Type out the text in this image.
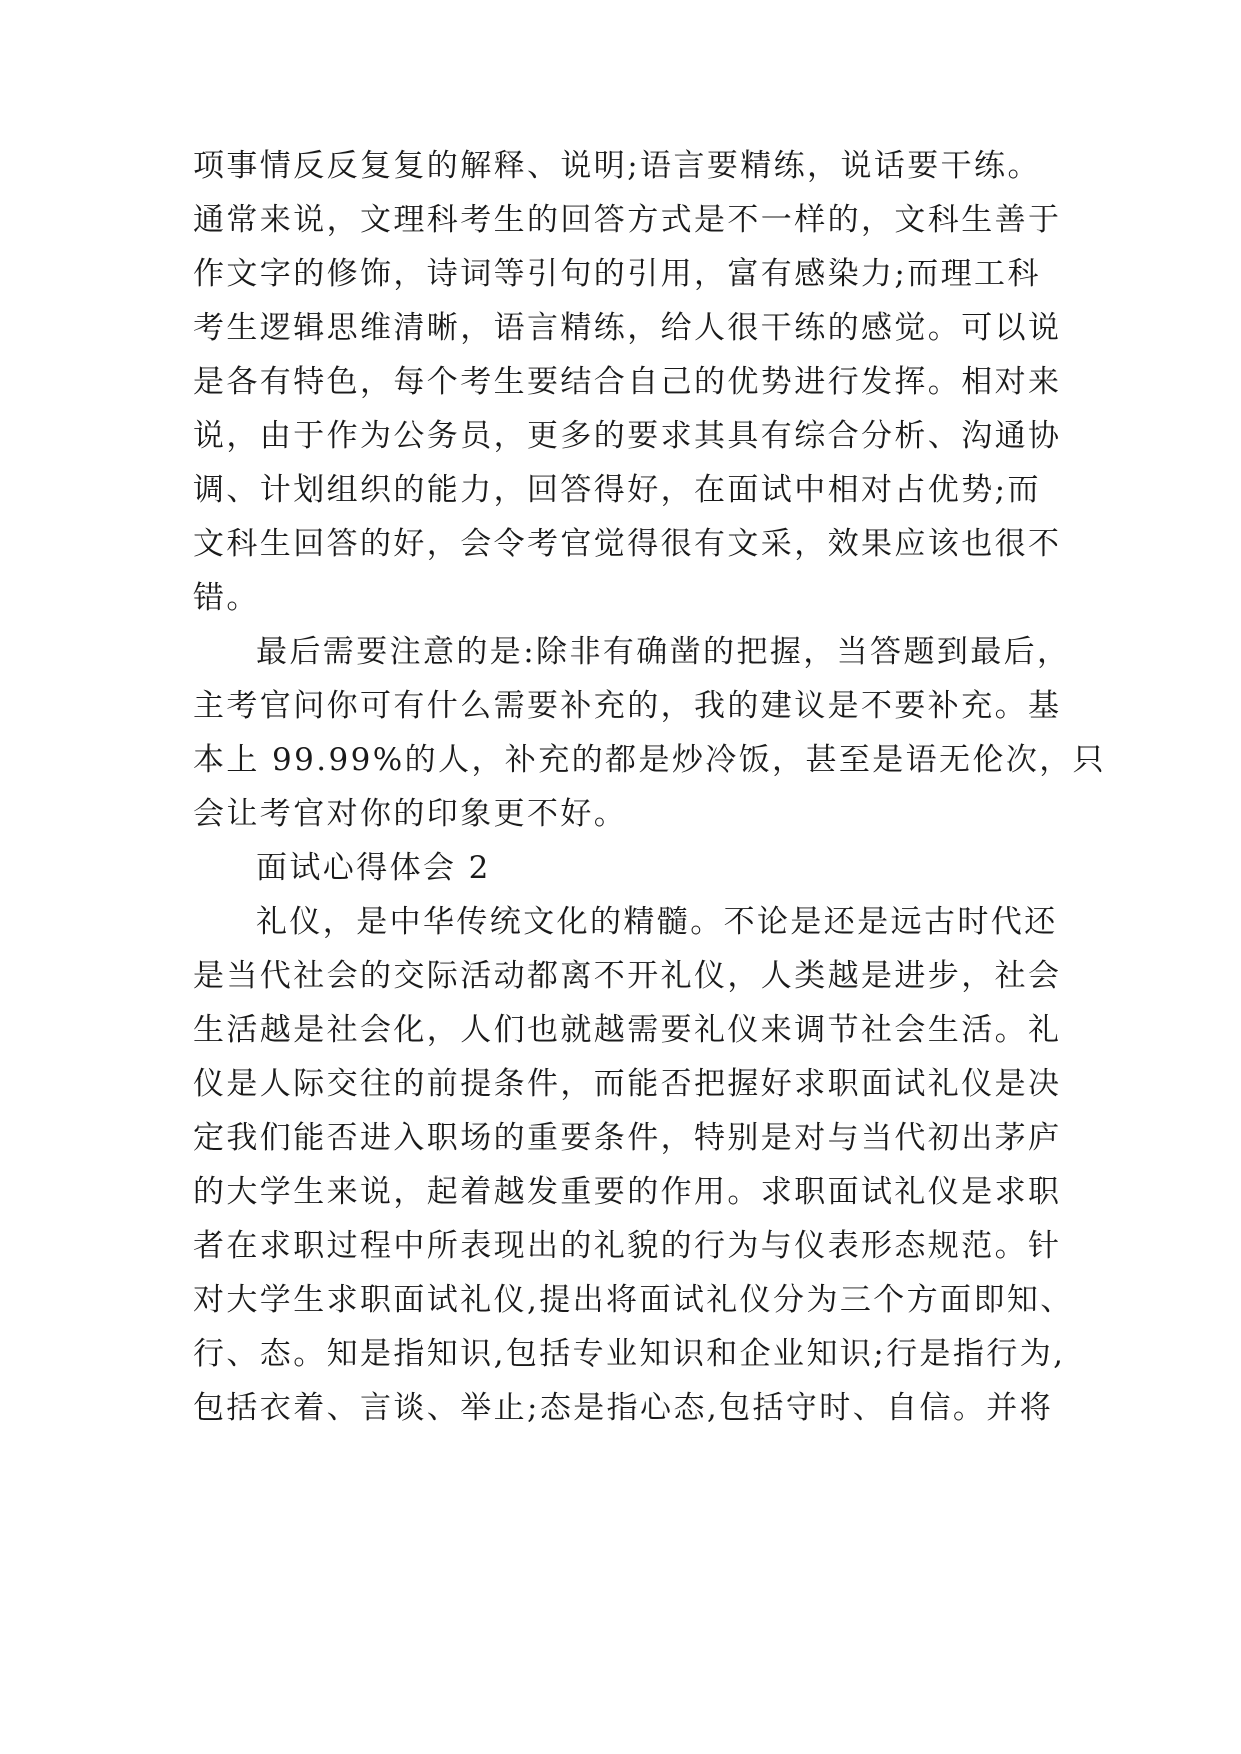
项事情反反复复的解释、说明;语言要精练，说话要干练。
通常来说，文理科考生的回答方式是不一样的，文科生善于
作文字的修饰，诗词等引句的引用，富有感染力;而理工科
考生逻辑思维清晰，语言精练，给人很干练的感觉。可以说
是各有特色，每个考生要结合自己的优势进行发挥。相对来
说，由于作为公务员，更多的要求其具有综合分析、沟通协
调、计划组织的能力，回答得好，在面试中相对占优势;而
文科生回答的好，会令考官觉得很有文采，效果应该也很不
错。
最后需要注意的是:除非有确凿的把握，当答题到最后，
主考官问你可有什么需要补充的，我的建议是不要补充。基
本上 99.99%的人，补充的都是炒冷饭，甚至是语无伦次，只
会让考官对你的印象更不好。
面试心得体会 2
礼仪，是中华传统文化的精髓。不论是还是远古时代还
是当代社会的交际活动都离不开礼仪，人类越是进步，社会
生活越是社会化，人们也就越需要礼仪来调节社会生活。礼
仪是人际交往的前提条件，而能否把握好求职面试礼仪是决
定我们能否进入职场的重要条件，特别是对与当代初出茅庐
的大学生来说，起着越发重要的作用。求职面试礼仪是求职
者在求职过程中所表现出的礼貌的行为与仪表形态规范。针
对大学生求职面试礼仪,提出将面试礼仪分为三个方面即知、
行、态。知是指知识,包括专业知识和企业知识;行是指行为,
包括衣着、言谈、举止;态是指心态,包括守时、自信。并将
